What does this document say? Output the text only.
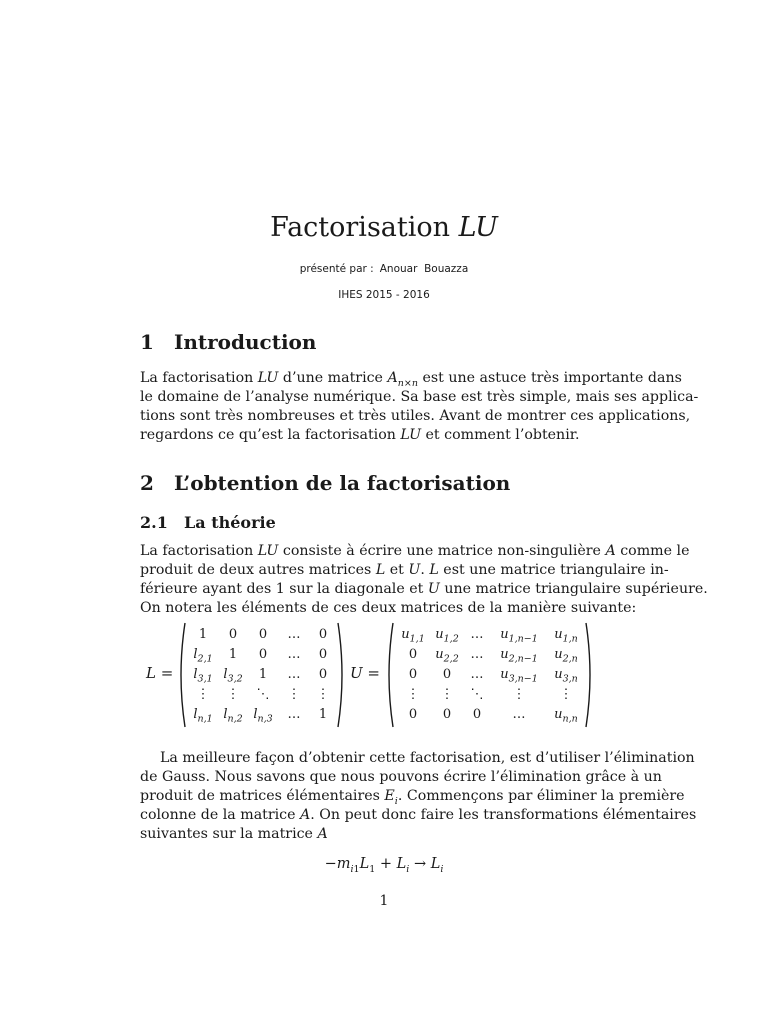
Factorisation LU
présenté par : Anouar  Bouazza
IHES 2015 - 2016
1 Introduction
La factorisation LU d’une matrice $A_{n\times n}$ est une astuce très importante dans
le domaine de l’analyse numérique. Sa base est très simple, mais ses applica-
tions sont très nombreuses et très utiles. Avant de montrer ces applications,
regardons ce qu’est la factorisation LU et comment l’obtenir.
2 L’obtention de la factorisation
2.1 La théorie
La factorisation LU consiste à écrire une matrice non-singulière A comme le
produit de deux autres matrices L et U. L est une matrice triangulaire in-
férieure ayant des 1 sur la diagonale et U une matrice triangulaire supérieure.
On notera les éléments de ces deux matrices de la manière suivante:
L =
1	0	0	…	0
$l_{2,1}$	1	0	…	0
$l_{3,1}$	$l_{3,2}$	1	…	0
⋮	⋮	⋱	⋮	⋮
$l_{n,1}$	$l_{n,2}$	$l_{n,3}$	…	1
U =
$u_{1,1}$	$u_{1,2}$	…	$u_{1,n-1}$	$u_{1,n}$
0	$u_{2,2}$	…	$u_{2,n-1}$	$u_{2,n}$
0	0	…	$u_{3,n-1}$	$u_{3,n}$
⋮	⋮	⋱	⋮	⋮
0	0	0	…	$u_{n,n}$
La meilleure façon d’obtenir cette factorisation, est d’utiliser l’élimination
de Gauss. Nous savons que nous pouvons écrire l’élimination grâce à un
produit de matrices élémentaires $E_i$. Commençons par éliminer la première
colonne de la matrice A. On peut donc faire les transformations élémentaires
suivantes sur la matrice A
$-m_{i1}L_1 + L_i \to L_i$
1
